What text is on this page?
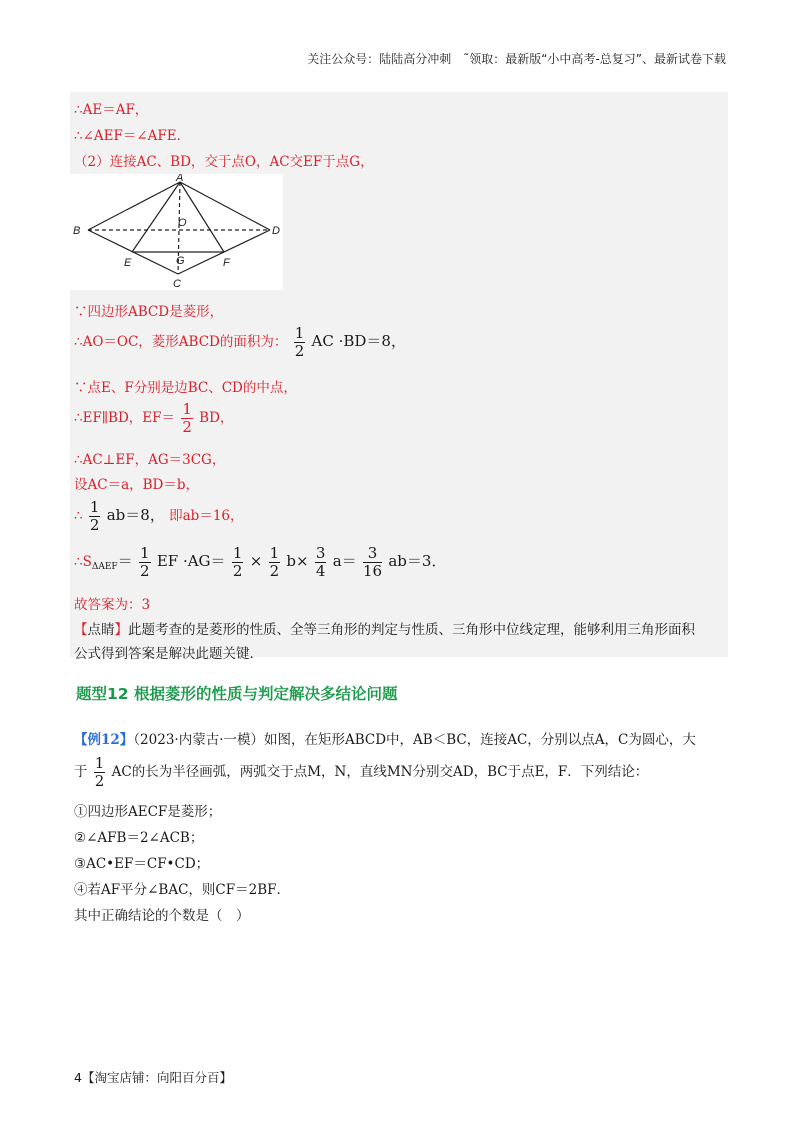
关注公众号：陆陆高分冲刺　˜领取：最新版“小中高考-总复习”、最新试卷下载
∴AE＝AF，
∴∠AEF＝∠AFE．
（2）连接AC、BD，交于点O，AC交EF于点G，
A
B
C
D
E	F
G
O
∵四边形ABCD是菱形，
∴AO＝OC，菱形ABCD的面积为： $\frac{1}{2}$ AC ·BD＝8，
∵点E、F分别是边BC、CD的中点，
∴EF∥BD，$EF= \frac{1}{2}$ BD，
∴AC⊥EF，AG＝3CG，
设AC＝a，BD＝b，
∴ $\frac{1}{2} ab=8$， 即ab＝16，
$\therefore S_{\Delta AEF}= \frac{1}{2}$ EF $\cdot AG= \frac{1}{2} \times \frac{1}{2} b\times \frac{3}{4} a= \frac{3}{16} ab=3$．
故答案为：3
【点睛】此题考查的是菱形的性质、全等三角形的判定与性质、三角形中位线定理，能够利用三角形面积
公式得到答案是解决此题关键．
题型12 根据菱形的性质与判定解决多结论问题
【例12】（2023·内蒙古·一模）如图，在矩形ABCD中，AB＜BC，连接AC，分别以点A，C为圆心，大
于 $\frac{1}{2}$ AC的长为半径画弧，两弧交于点M，N，直线MN分别交AD，BC于点E，F．下列结论：
①四边形AECF是菱形；
②∠AFB＝2∠ACB；
③AC•EF＝CF•CD；
④若AF平分∠BAC，则CF＝2BF．
其中正确结论的个数是（　）
4【淘宝店铺：向阳百分百】
